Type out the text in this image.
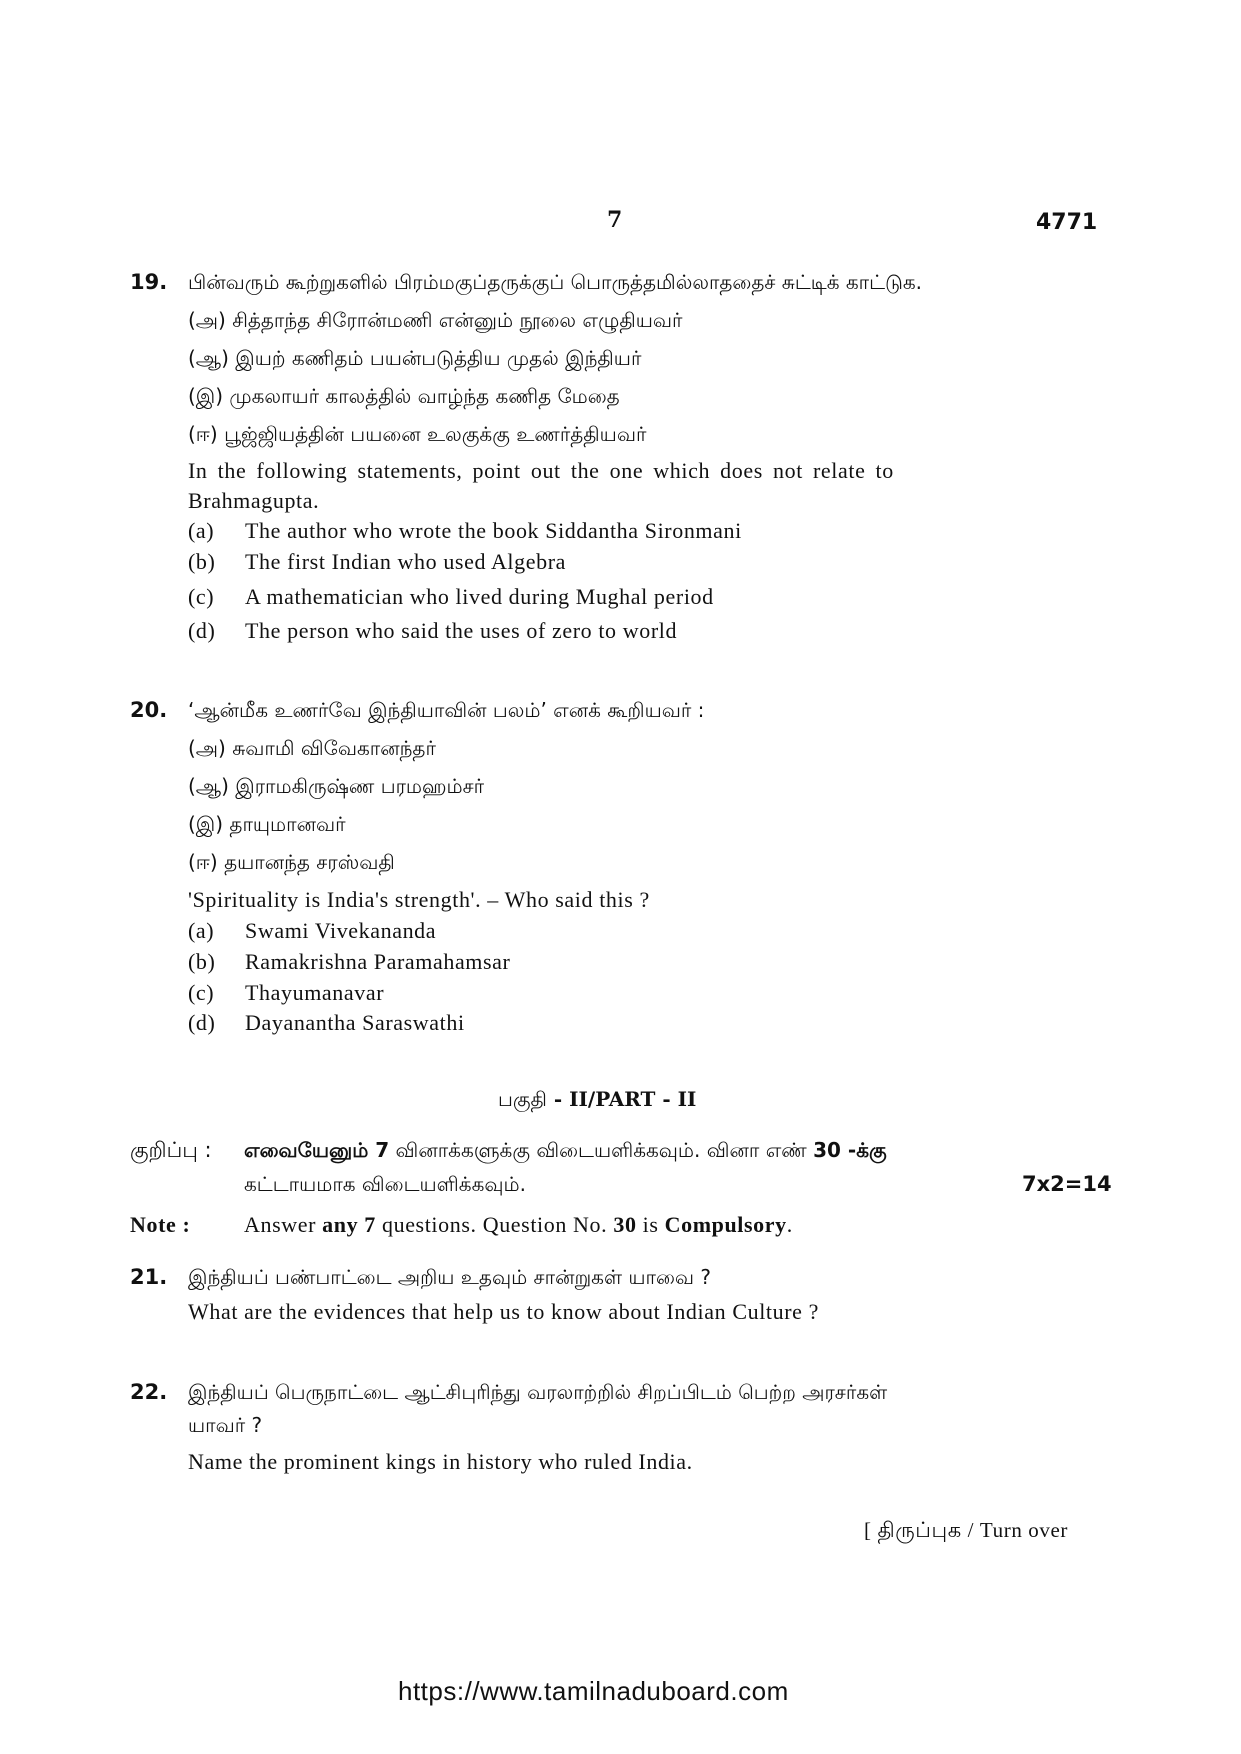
7	4771
19. பின்வரும் கூற்றுகளில் பிரம்மகுப்தருக்குப் பொருத்தமில்லாததைச் சுட்டிக் காட்டுக.
(அ) சித்தாந்த சிரோன்மணி என்னும் நூலை எழுதியவர்
(ஆ) இயற் கணிதம் பயன்படுத்திய முதல் இந்தியர்
(இ) முகலாயர் காலத்தில் வாழ்ந்த கணித மேதை
(ஈ) பூஜ்ஜியத்தின் பயனை உலகுக்கு உணர்த்தியவர்
In the following statements, point out the one which does not relate to
Brahmagupta.
(a) The author who wrote the book Siddantha Sironmani
(b) The first Indian who used Algebra
(c) A mathematician who lived during Mughal period
(d) The person who said the uses of zero to world
20. ‘ஆன்மீக உணர்வே இந்தியாவின் பலம்’ எனக் கூறியவர் :
(அ) சுவாமி விவேகானந்தர்
(ஆ) இராமகிருஷ்ண பரமஹம்சர்
(இ) தாயுமானவர்
(ஈ) தயானந்த சரஸ்வதி
'Spirituality is India's strength'. – Who said this ?
(a) Swami Vivekananda
(b) Ramakrishna Paramahamsar
(c) Thayumanavar
(d) Dayanantha Saraswathi
பகுதி - II/PART - II
குறிப்பு : எவையேனும் 7 வினாக்களுக்கு விடையளிக்கவும். வினா எண் 30 -க்கு
கட்டாயமாக விடையளிக்கவும்.	7x2=14
Note : Answer any 7 questions. Question No. 30 is Compulsory.
21. இந்தியப் பண்பாட்டை அறிய உதவும் சான்றுகள் யாவை ?
What are the evidences that help us to know about Indian Culture ?
22. இந்தியப் பெருநாட்டை ஆட்சிபுரிந்து வரலாற்றில் சிறப்பிடம் பெற்ற அரசர்கள்
யாவர் ?
Name the prominent kings in history who ruled India.
[ திருப்புக / Turn over
https://www.tamilnaduboard.com
